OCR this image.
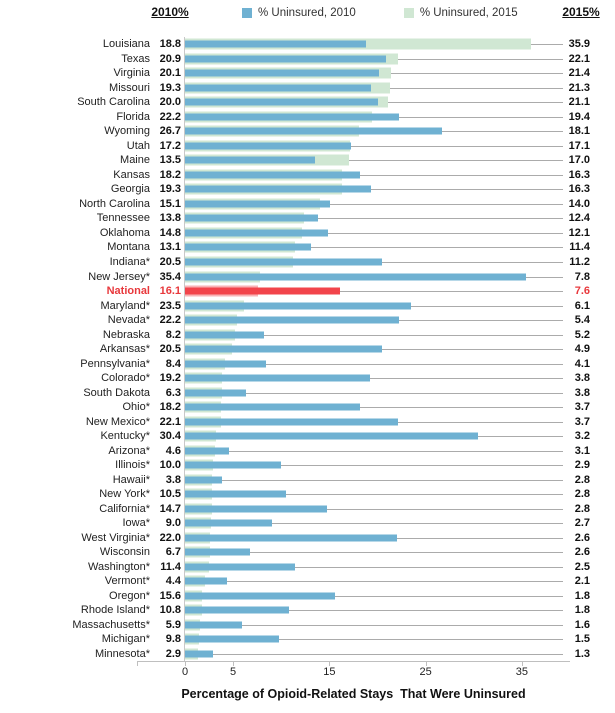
2010%	% Uninsured, 2010	% Uninsured, 2015	2015%
Louisiana 18.8	35.9
Texas 20.9	22.1
Virginia 20.1	21.4
Missouri 19.3	21.3
South Carolina 20.0	21.1
Florida 22.2	19.4
Wyoming 26.7	18.1
Utah 17.2	17.1
Maine 13.5	17.0
Kansas 18.2	16.3
Georgia 19.3	16.3
North Carolina 15.1	14.0
Tennessee 13.8	12.4
Oklahoma 14.8	12.1
Montana 13.1	11.4
Indiana* 20.5	11.2
New Jersey* 35.4	7.8
National 16.1	7.6
Maryland* 23.5	6.1
Nevada* 22.2	5.4
Nebraska	8.2	5.2
Arkansas* 20.5	4.9
Pennsylvania*	8.4	4.1
Colorado* 19.2	3.8
South Dakota	6.3	3.8
Ohio* 18.2	3.7
New Mexico* 22.1	3.7
Kentucky* 30.4	3.2
Arizona*	4.6	3.1
Illinois* 10.0	2.9
Hawaii*	3.8	2.8
New York* 10.5	2.8
California* 14.7	2.8
Iowa*	9.0	2.7
West Virginia* 22.0	2.6
Wisconsin	6.7	2.6
Washington* 11.4	2.5
Vermont*	4.4	2.1
Oregon* 15.6	1.8
Rhode Island* 10.8	1.8
Massachusetts*	5.9	1.6
Michigan*	9.8	1.5
Minnesota*	2.9	1.3
0	5	15	25	35
Percentage of Opioid-Related Stays  That Were Uninsured
